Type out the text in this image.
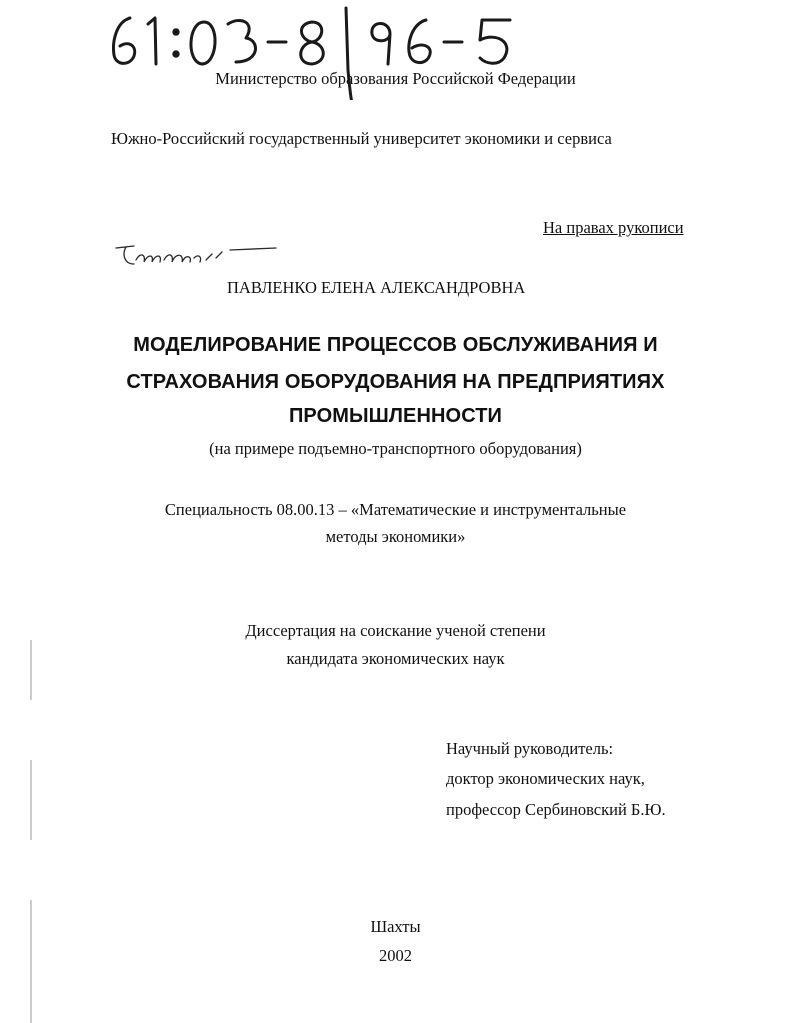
Министерство образования Российской Федерации
Южно-Российский государственный университет экономики и сервиса
На правах рукописи
ПАВЛЕНКО ЕЛЕНА АЛЕКСАНДРОВНА
МОДЕЛИРОВАНИЕ ПРОЦЕССОВ ОБСЛУЖИВАНИЯ И
СТРАХОВАНИЯ ОБОРУДОВАНИЯ НА ПРЕДПРИЯТИЯХ
ПРОМЫШЛЕННОСТИ
(на примере подъемно-транспортного оборудования)
Специальность 08.00.13 – «Математические и инструментальные
методы экономики»
Диссертация на соискание ученой степени
кандидата экономических наук
Научный руководитель:
доктор экономических наук,
профессор Сербиновский Б.Ю.
Шахты
2002
